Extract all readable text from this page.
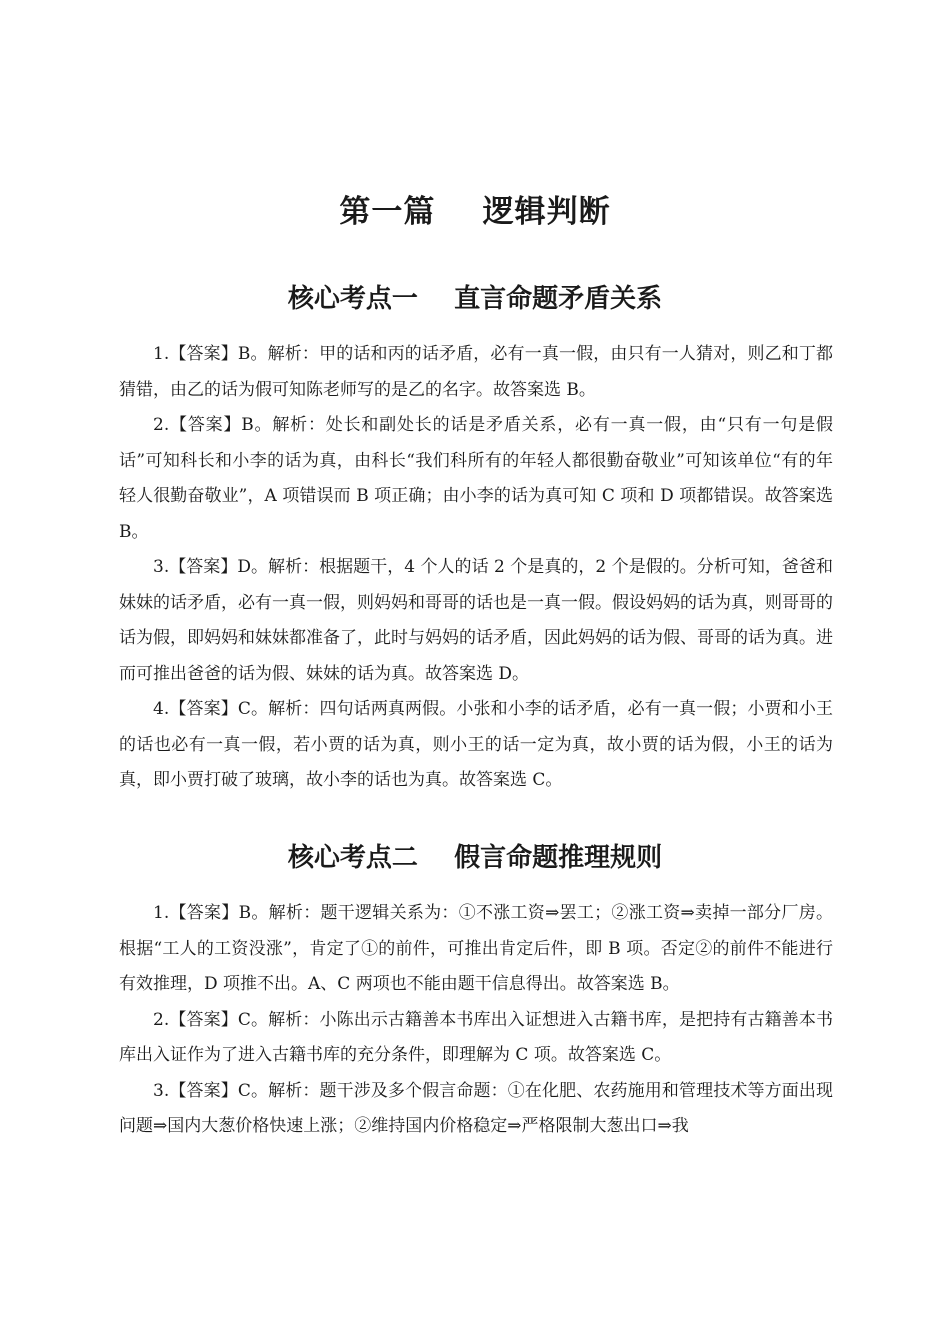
第一篇    逻辑判断
核心考点一    直言命题矛盾关系

1.【答案】B。解析：甲的话和丙的话矛盾，必有一真一假，由只有一人猜对，则乙和丁都猜错，由乙的话为假可知陈老师写的是乙的名字。故答案选 B。

2.【答案】B。解析：处长和副处长的话是矛盾关系，必有一真一假，由“只有一句是假话”可知科长和小李的话为真，由科长“我们科所有的年轻人都很勤奋敬业”可知该单位“有的年轻人很勤奋敬业”，A 项错误而 B 项正确；由小李的话为真可知 C 项和 D 项都错误。故答案选 B。

3.【答案】D。解析：根据题干，4 个人的话 2 个是真的，2 个是假的。分析可知，爸爸和妹妹的话矛盾，必有一真一假，则妈妈和哥哥的话也是一真一假。假设妈妈的话为真，则哥哥的话为假，即妈妈和妹妹都准备了，此时与妈妈的话矛盾，因此妈妈的话为假、哥哥的话为真。进而可推出爸爸的话为假、妹妹的话为真。故答案选 D。

4.【答案】C。解析：四句话两真两假。小张和小李的话矛盾，必有一真一假；小贾和小王的话也必有一真一假，若小贾的话为真，则小王的话一定为真，故小贾的话为假，小王的话为真，即小贾打破了玻璃，故小李的话也为真。故答案选 C。

核心考点二    假言命题推理规则

1.【答案】B。解析：题干逻辑关系为：①不涨工资⇒罢工；②涨工资⇒卖掉一部分厂房。根据“工人的工资没涨”，肯定了①的前件，可推出肯定后件，即 B 项。否定②的前件不能进行有效推理，D 项推不出。A、C 两项也不能由题干信息得出。故答案选 B。

2.【答案】C。解析：小陈出示古籍善本书库出入证想进入古籍书库，是把持有古籍善本书库出入证作为了进入古籍书库的充分条件，即理解为 C 项。故答案选 C。

3.【答案】C。解析：题干涉及多个假言命题：①在化肥、农药施用和管理技术等方面出现问题⇒国内大葱价格快速上涨；②维持国内价格稳定⇒严格限制大葱出口⇒我
